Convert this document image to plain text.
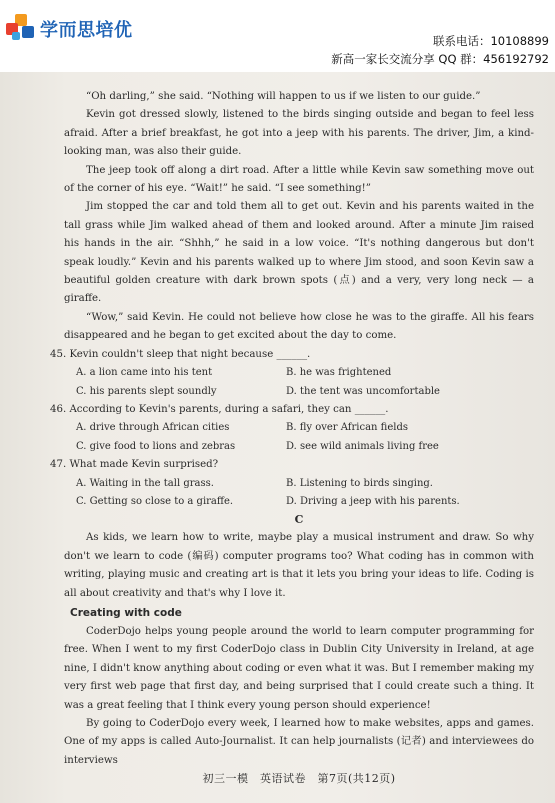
学而思培优	联系电话：10108899
新高一家长交流分享 QQ 群：456192792

“Oh darling,” she said. “Nothing will happen to us if we listen to our guide.”

Kevin got dressed slowly, listened to the birds singing outside and began to feel less afraid. After a brief breakfast, he got into a jeep with his parents. The driver, Jim, a kind-looking man, was also their guide.

The jeep took off along a dirt road. After a little while Kevin saw something move out of the corner of his eye. “Wait!” he said. “I see something!”

Jim stopped the car and told them all to get out. Kevin and his parents waited in the tall grass while Jim walked ahead of them and looked around. After a minute Jim raised his hands in the air. “Shhh,” he said in a low voice. “It's nothing dangerous but don't speak loudly.” Kevin and his parents walked up to where Jim stood, and soon Kevin saw a beautiful golden creature with dark brown spots (点) and a very, very long neck — a giraffe.

“Wow,” said Kevin. He could not believe how close he was to the giraffe. All his fears disappeared and he began to get excited about the day to come.

45. Kevin couldn't sleep that night because ______.

A. a lion came into his tent	B. he was frightened
C. his parents slept soundly	D. the tent was uncomfortable

46. According to Kevin's parents, during a safari, they can ______.

A. drive through African cities	B. fly over African fields
C. give food to lions and zebras	D. see wild animals living free

47. What made Kevin surprised?

A. Waiting in the tall grass.	B. Listening to birds singing.
C. Getting so close to a giraffe.	D. Driving a jeep with his parents.
C

As kids, we learn how to write, maybe play a musical instrument and draw. So why don't we learn to code (编码) computer programs too? What coding has in common with writing, playing music and creating art is that it lets you bring your ideas to life. Coding is all about creativity and that's why I love it.

Creating with code

CoderDojo helps young people around the world to learn computer programming for free. When I went to my first CoderDojo class in Dublin City University in Ireland, at age nine, I didn't know anything about coding or even what it was. But I remember making my very first web page that first day, and being surprised that I could create such a thing. It was a great feeling that I think every young person should experience!

By going to CoderDojo every week, I learned how to make websites, apps and games. One of my apps is called Auto-Journalist. It can help journalists (记者) and interviewees do interviews

初三一模　英语试卷　第7页(共12页)
